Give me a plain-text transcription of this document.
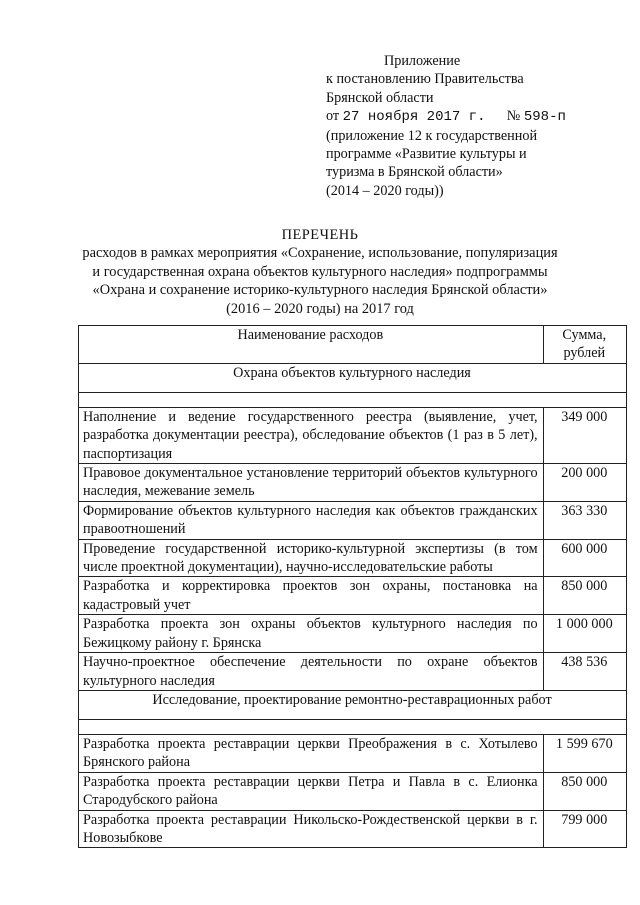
Приложение
к постановлению Правительства
Брянской области
от 27 ноября 2017 г. № 598-п
(приложение 12 к государственной
программе «Развитие культуры и
туризма в Брянской области»
(2014 – 2020 годы))
ПЕРЕЧЕНЬ
расходов в рамках мероприятия «Сохранение, использование, популяризация
и государственная охрана объектов культурного наследия» подпрограммы
«Охрана и сохранение историко-культурного наследия Брянской области»
(2016 – 2020 годы) на 2017 год
Наименование расходов	Сумма, рублей
Охрана объектов культурного наследия	

Наполнение и ведение государственного реестра (выявление, учет, разработка документации реестра), обследование объектов (1 раз в 5 лет), паспортизация	349 000
Правовое документальное установление территорий объектов культурного наследия, межевание земель	200 000
Формирование объектов культурного наследия как объектов гражданских правоотношений	363 330
Проведение государственной историко-культурной экспертизы (в том числе проектной документации), научно-исследовательские работы	600 000
Разработка и корректировка проектов зон охраны, постановка на кадастровый учет	850 000
Разработка проекта зон охраны объектов культурного наследия по Бежицкому району г. Брянска	1 000 000
Научно-проектное обеспечение деятельности по охране объектов культурного наследия	438 536
Исследование, проектирование ремонтно-реставрационных работ	

Разработка проекта реставрации церкви Преображения в с. Хотылево Брянского района	1 599 670
Разработка проекта реставрации церкви Петра и Павла в с. Елионка Стародубского района	850 000
Разработка проекта реставрации Никольско-Рождественской церкви в г. Новозыбкове	799 000
